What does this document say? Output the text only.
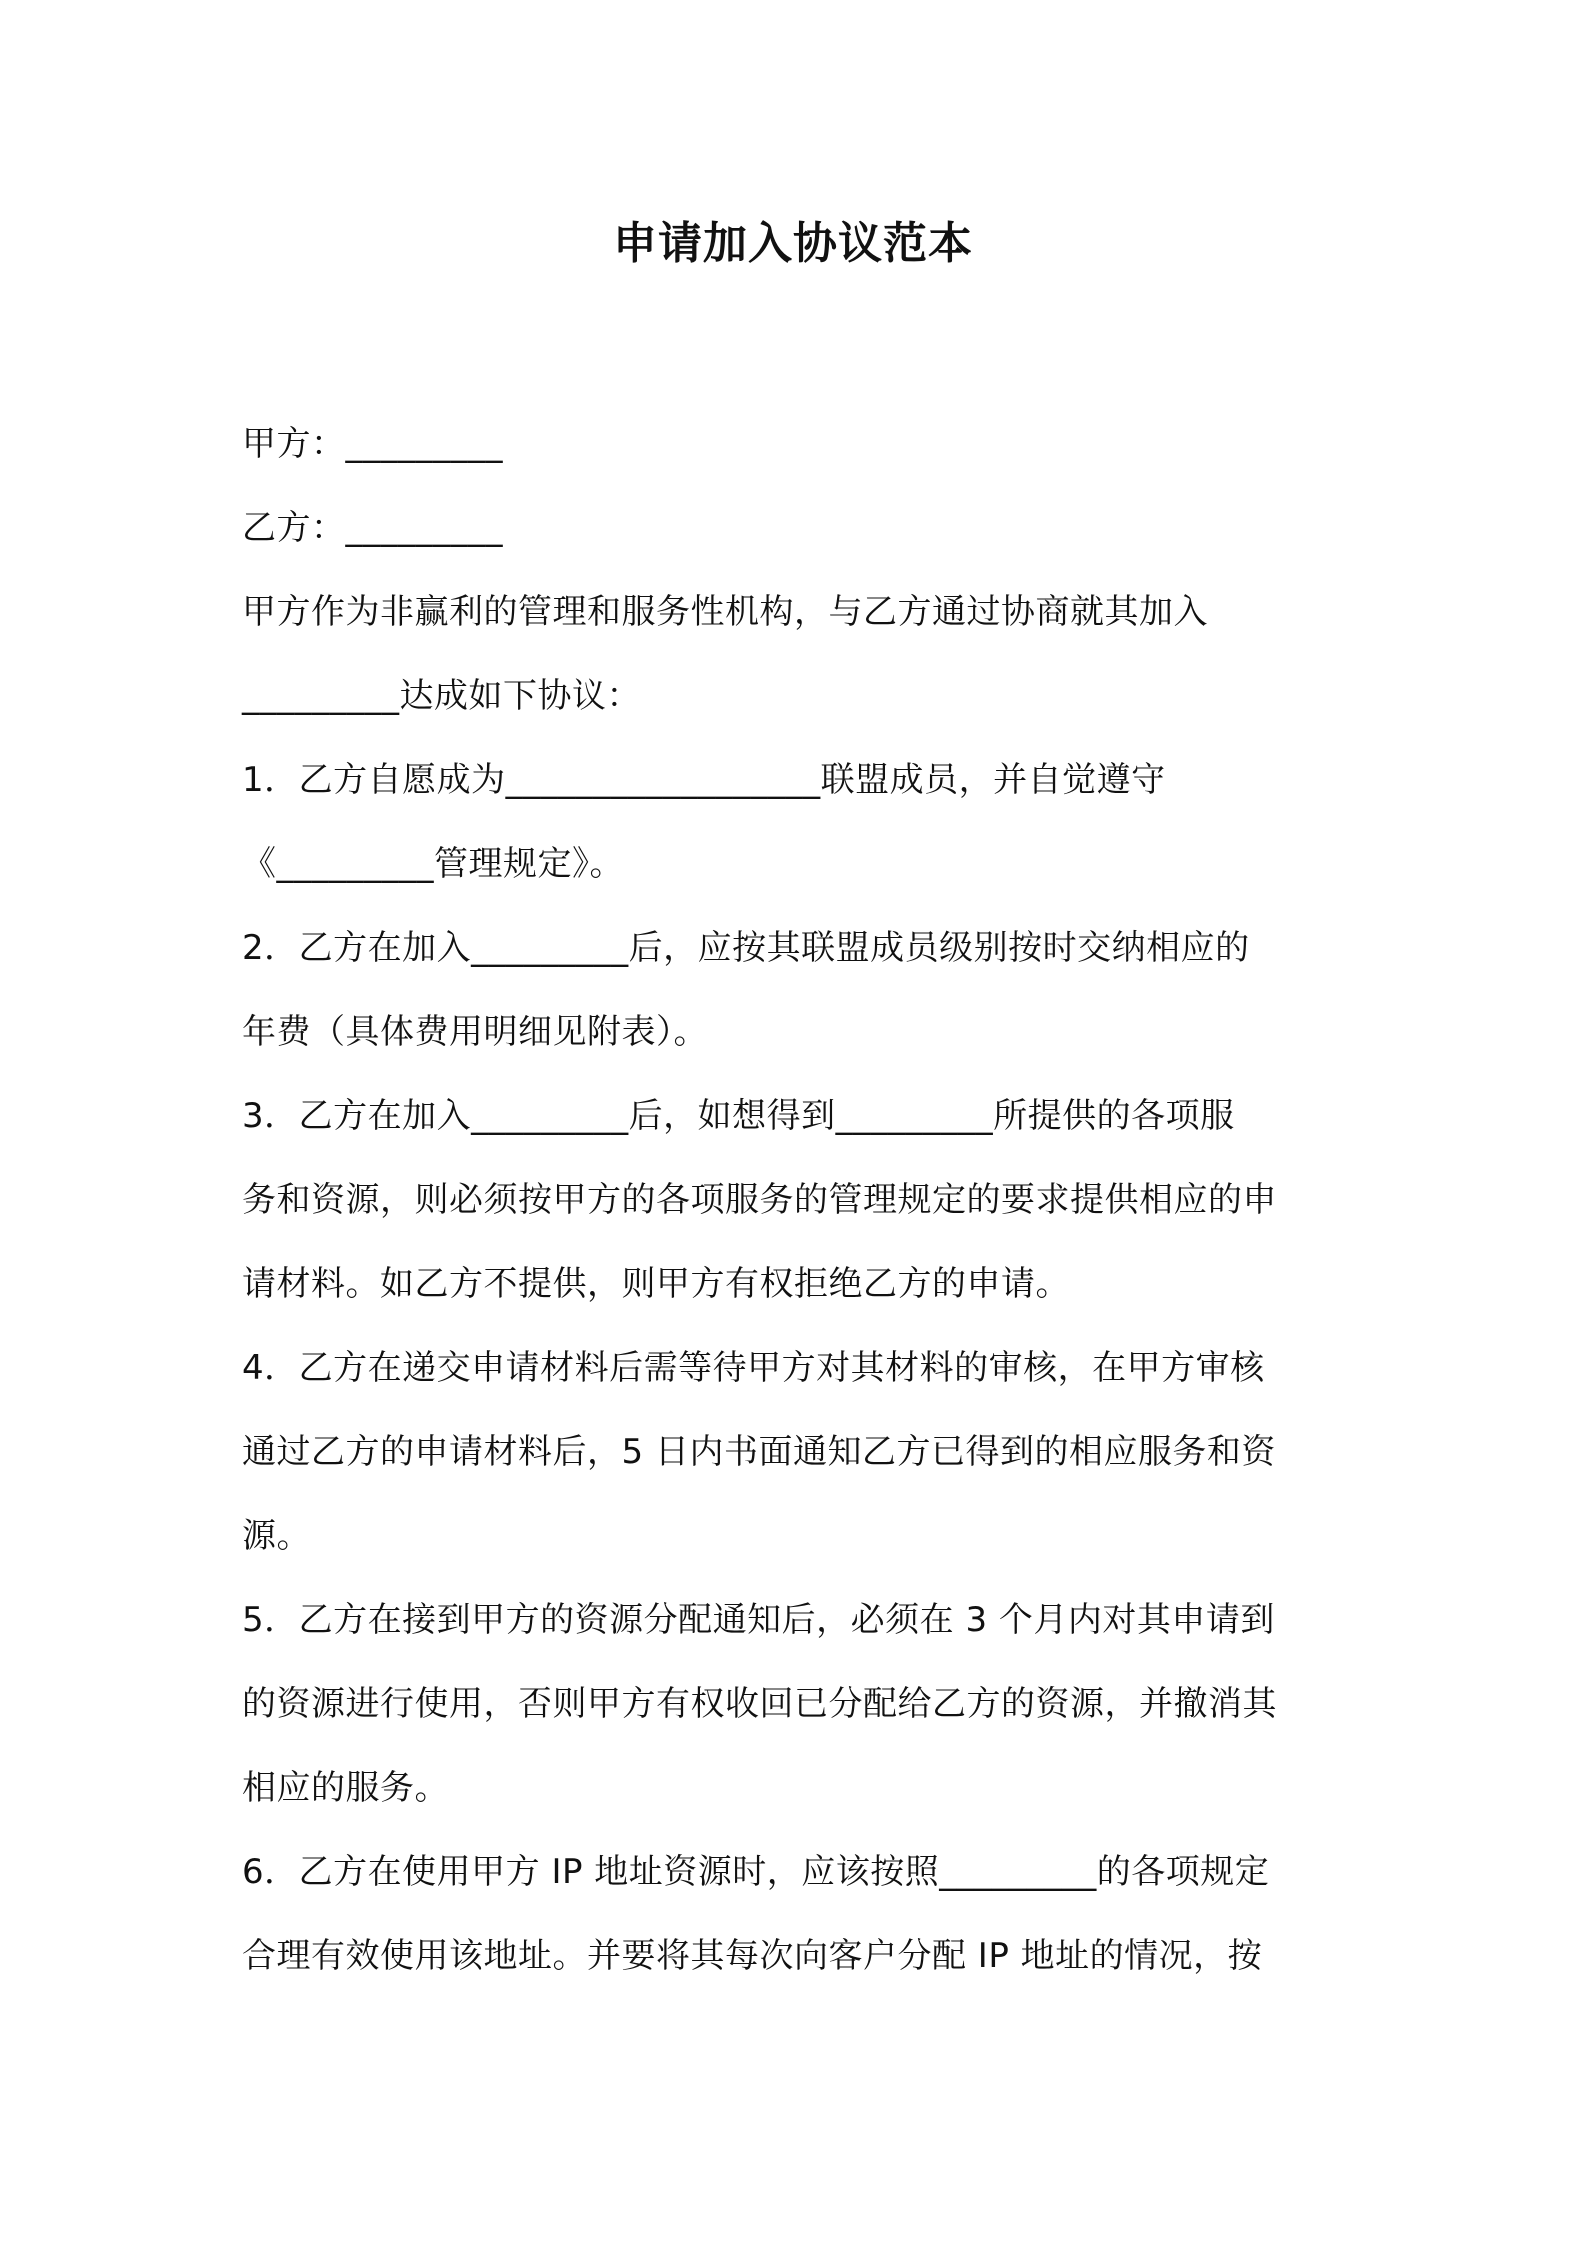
申请加入协议范本
甲方：_________
乙方：_________
甲方作为非赢利的管理和服务性机构，与乙方通过协商就其加入
_________达成如下协议：
1．乙方自愿成为__________________联盟成员，并自觉遵守
《_________管理规定》。
2．乙方在加入_________后，应按其联盟成员级别按时交纳相应的
年费（具体费用明细见附表）。
3．乙方在加入_________后，如想得到_________所提供的各项服
务和资源，则必须按甲方的各项服务的管理规定的要求提供相应的申
请材料。如乙方不提供，则甲方有权拒绝乙方的申请。
4．乙方在递交申请材料后需等待甲方对其材料的审核，在甲方审核
通过乙方的申请材料后，5 日内书面通知乙方已得到的相应服务和资
源。
5．乙方在接到甲方的资源分配通知后，必须在 3 个月内对其申请到
的资源进行使用，否则甲方有权收回已分配给乙方的资源，并撤消其
相应的服务。
6．乙方在使用甲方 IP 地址资源时，应该按照_________的各项规定
合理有效使用该地址。并要将其每次向客户分配 IP 地址的情况，按
